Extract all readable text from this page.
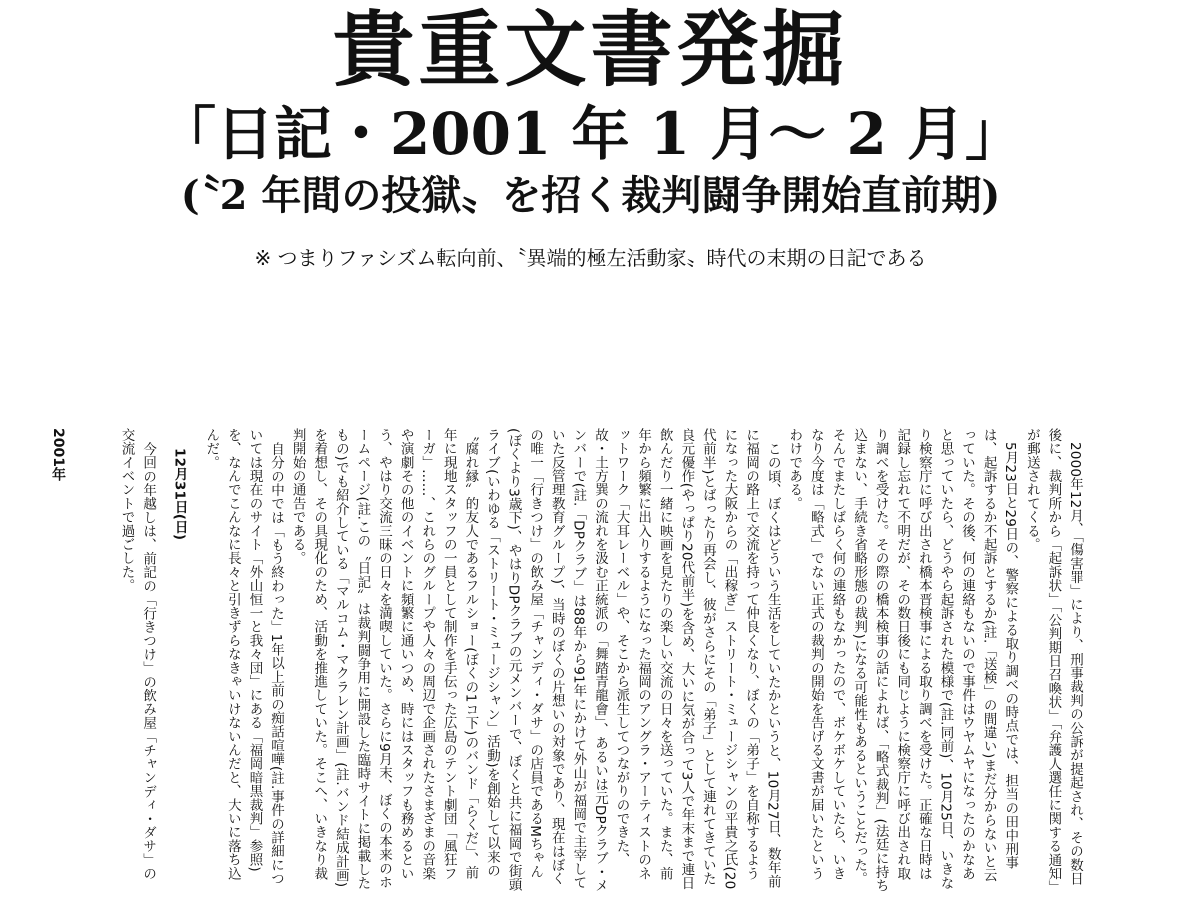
貴重文書発掘
「日記・2001 年 1 月〜 2 月」
(〝2 年間の投獄〟を招く裁判闘争開始直前期)
※ つまりファシズム転向前、〝異端的極左活動家〟時代の末期の日記である
2001年	2000年12月、「傷害罪」により、刑事裁判の公訴が提起され、その数日後に、裁判所から「起訴状」「公判期日召喚状」「弁護人選任に関する通知」が郵送されてくる。

5月23日と29日の、警察による取り調べの時点では、担当の田中刑事は、起訴するか不起訴とするか(註.「送検」の間違い)まだ分からないと云っていた。その後、何の連絡もないので事件はウヤムヤになったのかなあと思っていたら、どうやら起訴された模様で(註.同前)、10月25日、いきなり検察庁に呼び出され橋本晋検事による取り調べを受けた。正確な日時は記録し忘れて不明だが、その数日後にも同じように検察庁に呼び出され取り調べを受けた。その際の橋本検事の話によれば、「略式裁判」(法廷に持ち込まない、手続き省略形態の裁判)になる可能性もあるということだった。そんでまたしばらく何の連絡もなかったので、ボケボケしていたら、いきなり今度は「略式」でない正式の裁判の開始を告げる文書が届いたというわけである。

この頃、ぼくはどういう生活をしていたかというと、10月27日、数年前に福岡の路上で交流を持って仲良くなり、ぼくの「弟子」を自称するようになった大阪からの「出稼ぎ」ストリート・ミュージシャンの平貴之氏(20代前半)とばったり再会し、彼がさらにその「弟子」として連れてきていた良元優作(やっぱり20代前半)を含め、大いに気が合って3人で年末まで連日飲んだり一緒に映画を見たりの楽しい交流の日々を送っていた。また、前年から頻繁に出入りするようになった福岡のアングラ・アーティストのネットワーク「大耳レーベル」や、そこから派生してつながりのできた、故・土方巽の流れを汲む正統派の「舞踏青龍會」、あるいは元DPクラブ・メンバーで(註.「DPクラブ」は88年から91年にかけて外山が福岡で主宰していた反管理教育グループ)、当時のぼくの片想いの対象であり、現在はぼくの唯一「行きつけ」の飲み屋「チャンディ・ダサ」の店員であるMちゃん(ぼくより3歳下)、やはりDPクラブの元メンバーで、ぼくと共に福岡で街頭ライブ(いわゆる「ストリート・ミュージシャン」活動)を創始して以来の〝腐れ縁〟的友人であるフルショー(ぼくの1コ下)のバンド「らくだ」、前年に現地スタッフの一員として制作を手伝った広島のテント劇団「風狂フーガ」……、これらのグループや人々の周辺で企画されたさまざまの音楽や演劇その他のイベントに頻繁に通いつめ、時にはスタッフも務めるという、やはり交流三昧の日々を満喫していた。さらに9月末、ぼくの本来のホームページ(註.この〝日記〟は裁判闘争用に開設した臨時サイトに掲載したもの)でも紹介している「マルコム・マクラレン計画」(註.バンド結成計画)を着想し、その具現化のため、活動を推進していた。そこへ、いきなり裁判開始の通告である。

自分の中では「もう終わった」1年以上前の痴話喧嘩(註.事件の詳細については現在のサイト「外山恒一と我々団」にある「福岡暗黒裁判」参照)を、なんでこんなに長々と引きずらなきゃいけないんだと、大いに落ち込んだ。

12月31日(日)

今回の年越しは、前記の「行きつけ」の飲み屋「チャンディ・ダサ」の交流イベントで過ごした。
